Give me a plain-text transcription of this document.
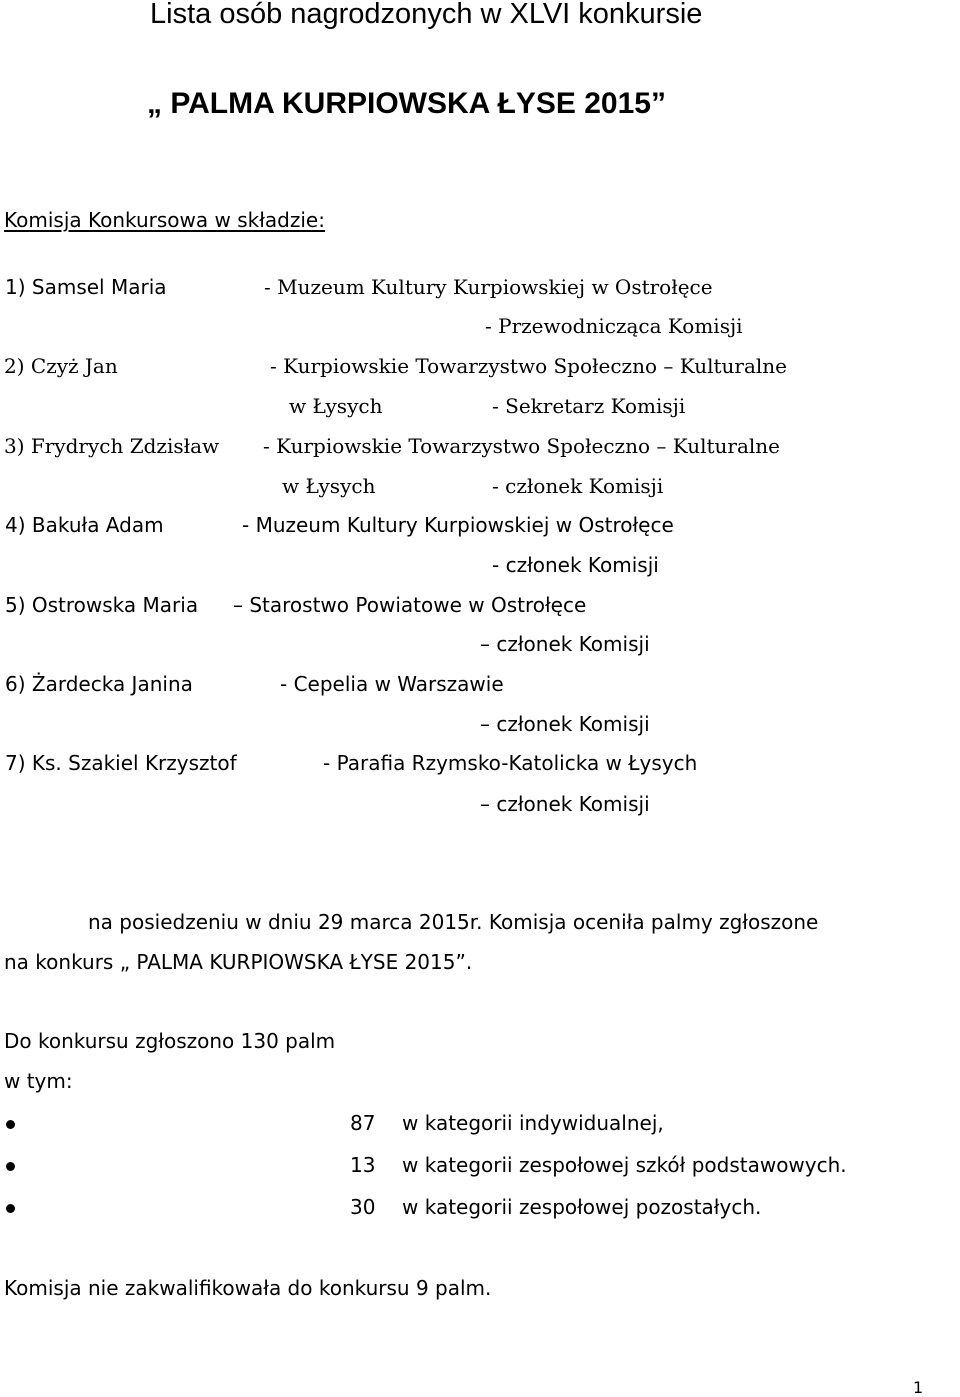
Lista osób nagrodzonych w XLVI konkursie
„ PALMA KURPIOWSKA ŁYSE 2015”
Komisja Konkursowa w składzie:
1) Samsel Maria	- Muzeum Kultury Kurpiowskiej w Ostrołęce
- Przewodnicząca Komisji
2) Czyż Jan	- Kurpiowskie Towarzystwo Społeczno – Kulturalne
w Łysych	- Sekretarz Komisji
3) Frydrych Zdzisław - Kurpiowskie Towarzystwo Społeczno – Kulturalne
w Łysych	- członek Komisji
4) Bakuła Adam	- Muzeum Kultury Kurpiowskiej w Ostrołęce
- członek Komisji
5) Ostrowska Maria – Starostwo Powiatowe w Ostrołęce
– członek Komisji
6) Żardecka Janina	- Cepelia w Warszawie
– członek Komisji
7) Ks. Szakiel Krzysztof	- Parafia Rzymsko-Katolicka w Łysych
– członek Komisji
na posiedzeniu w dniu 29 marca 2015r. Komisja oceniła palmy zgłoszone
na konkurs „ PALMA KURPIOWSKA ŁYSE 2015”.
Do konkursu zgłoszono 130 palm
w tym:
87 w kategorii indywidualnej,
13 w kategorii zespołowej szkół podstawowych.
30 w kategorii zespołowej pozostałych.
Komisja nie zakwalifikowała do konkursu 9 palm.
1
